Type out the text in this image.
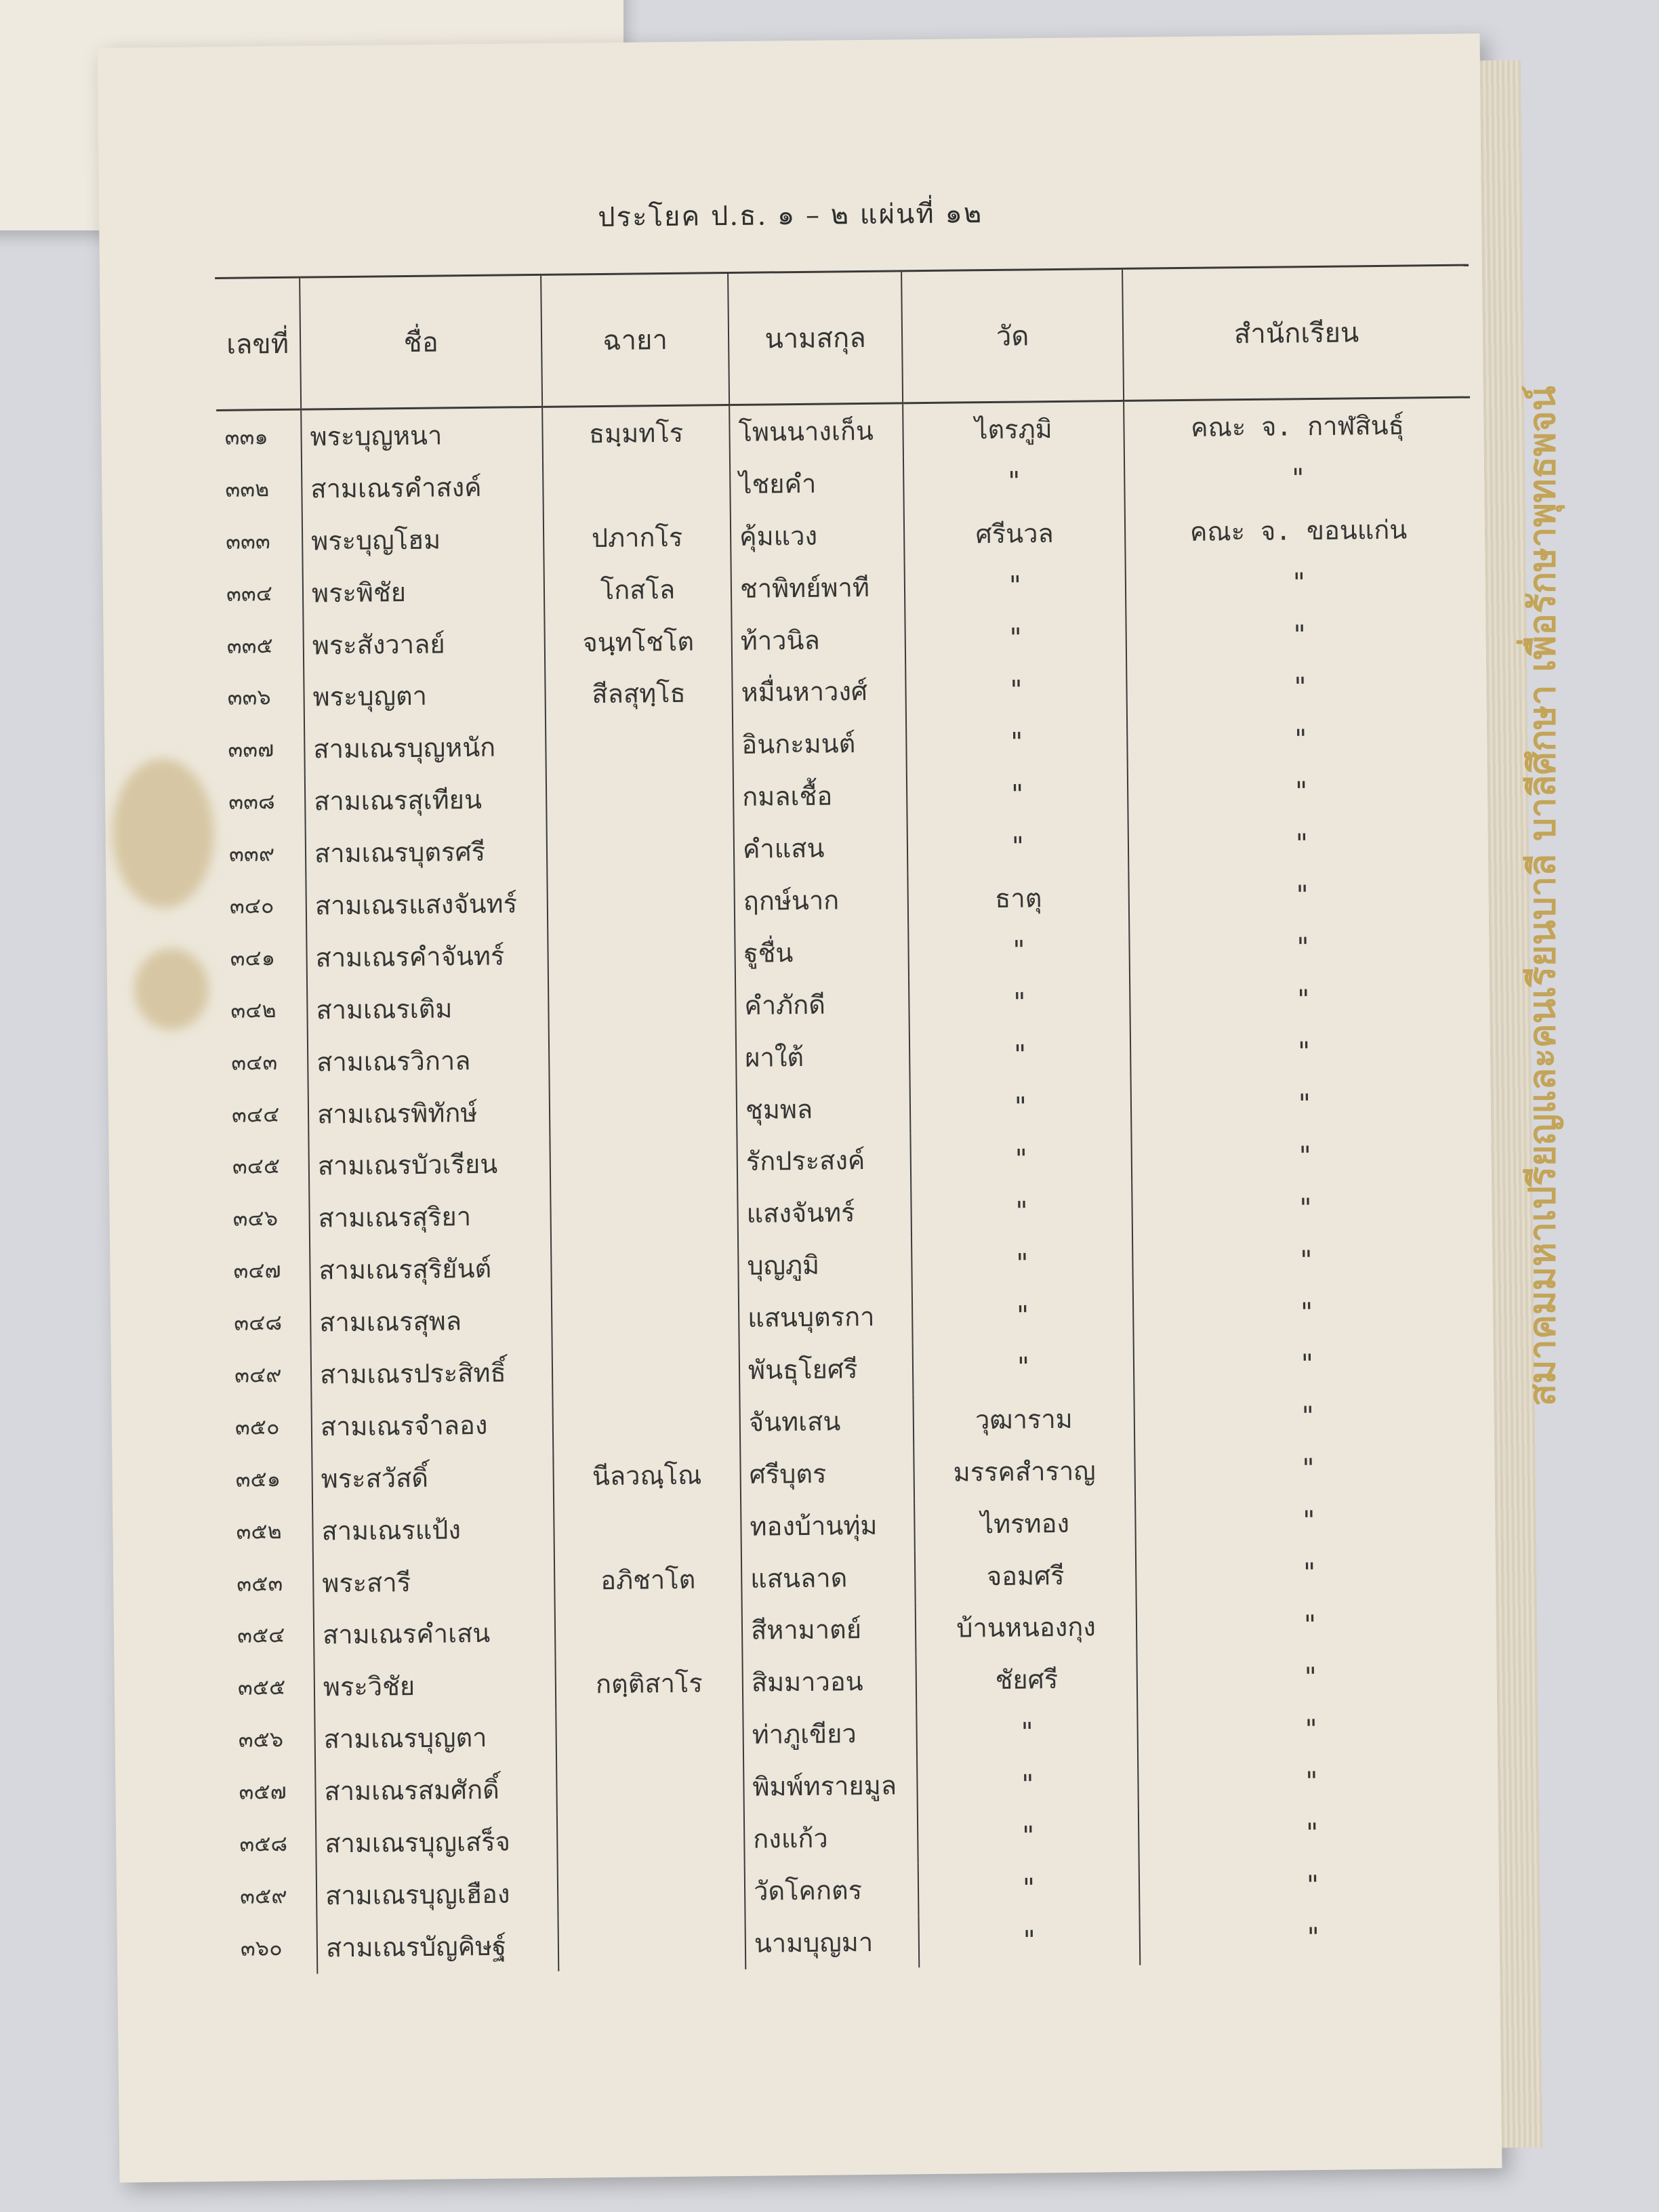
ประโยค ป.ธ. ๑ – ๒ แผ่นที่ ๑๒
เลขที่	ชื่อ	ฉายา	นามสกุล	วัด	สำนักเรียน
๓๓๑	พระบุญหนา	ธมฺมทโร	โพนนางเก็น	ไตรภูมิ	คณะ จ. กาฬสินธุ์
๓๓๒	สามเณรคำสงค์		ไชยคำ	"	"
๓๓๓	พระบุญโฮม	ปภากโร	คุ้มแวง	ศรีนวล	คณะ จ. ขอนแก่น
๓๓๔	พระพิชัย	โกสโล	ชาพิทย์พาที	"	"
๓๓๕	พระสังวาลย์	จนฺทโชโต	ท้าวนิล	"	"
๓๓๖	พระบุญตา	สีลสุทฺโธ	หมื่นหาวงศ์	"	"
๓๓๗	สามเณรบุญหนัก		อินกะมนต์	"	"
๓๓๘	สามเณรสุเทียน		กมลเชื้อ	"	"
๓๓๙	สามเณรบุตรศรี		คำแสน	"	"
๓๔๐	สามเณรแสงจันทร์		ฤกษ์นาก	ธาตุ	"
๓๔๑	สามเณรคำจันทร์		ฐูชื่น	"	"
๓๔๒	สามเณรเติม		คำภักดี	"	"
๓๔๓	สามเณรวิกาล		ผาใต้	"	"
๓๔๔	สามเณรพิทักษ์		ชุมพล	"	"
๓๔๕	สามเณรบัวเรียน		รักประสงค์	"	"
๓๔๖	สามเณรสุริยา		แสงจันทร์	"	"
๓๔๗	สามเณรสุริยันต์		บุญภูมิ	"	"
๓๔๘	สามเณรสุพล		แสนบุตรกา	"	"
๓๔๙	สามเณรประสิทธิ์		พันธุโยศรี	"	"
๓๕๐	สามเณรจำลอง		จันทเสน	วุฒาราม	"
๓๕๑	พระสวัสดิ์	นีลวณฺโณ	ศรีบุตร	มรรคสำราญ	"
๓๕๒	สามเณรแป้ง		ทองบ้านทุ่ม	ไทรทอง	"
๓๕๓	พระสารี	อภิชาโต	แสนลาด	จอมศรี	"
๓๕๔	สามเณรคำเสน		สีหามาตย์	บ้านหนองกุง	"
๓๕๕	พระวิชัย	กตฺติสาโร	สิมมาวอน	ชัยศรี	"
๓๕๖	สามเณรบุญตา		ท่าภูเขียว	"	"
๓๕๗	สามเณรสมศักดิ์		พิมพ์ทรายมูล	"	"
๓๕๘	สามเณรบุญเสร็จ		กงแก้ว	"	"
๓๕๙	สามเณรบุญเฮือง		วัดโคกตร	"	"
๓๖๐	สามเณรบัญคิษฐ์		นามบุญมา	"	"
สมาคมมหาเปรียญและคนเรียนบาลี บาลีศึกษา เพื่อรักษาพุทธพจน์
